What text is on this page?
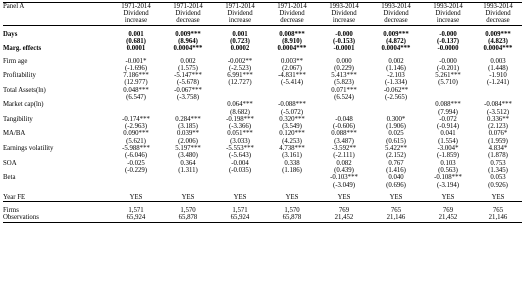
Panel A	1971-2014	1971-2014	1971-2014	1971-2014	1993-2014	1993-2014	1993-2014	1993-2014
	Dividend	Dividend	Dividend	Dividend	Dividend	Dividend	Dividend	Dividend
	increase	decrease	increase	decrease	increase	decrease	increase	decrease

Days	0.001	0.009***	0.001	0.008***	-0.000	0.009***	-0.000	0.009***
	(0.681)	(8.964)	(0.723)	(8.910)	(-0.153)	(4.872)	(-0.137)	(4.823)
Marg. effects	0.0001	0.0004***	0.0002	0.0004***	-0.0001	0.0004***	-0.0000	0.0004***

Firm age	-0.001*	0.002	-0.002**	0.003**	0.000	0.002	-0.000	0.003
	(-1.696)	(1.575)	(-2.523)	(2.067)	(0.229)	(1.146)	(-0.201)	(1.448)
Profitability	7.186***	-5.147***	6.991***	-4.831***	5.413***	-2.103	5.261***	-1.910
	(12.977)	(-5.678)	(12.727)	(-5.414)	(5.823)	(-1.334)	(5.710)	(-1.241)
Total Assets(ln)	0.048***	-0.067***			0.071***	-0.062**		
	(6.547)	(-3.758)			(6.524)	(-2.565)		
Market cap(ln)			0.064***	-0.088***			0.088***	-0.084***
			(8.682)	(-5.072)			(7.994)	(-3.512)
Tangibility	-0.174***	0.284***	-0.198***	0.320***	-0.048	0.300*	-0.072	0.336**
	(-2.963)	(3.185)	(-3.366)	(3.549)	(-0.606)	(1.906)	(-0.914)	(2.123)
MA/BA	0.090***	0.039**	0.051***	0.120***	0.088***	0.025	0.041	0.076*
	(5.621)	(2.006)	(3.033)	(4.253)	(3.487)	(0.615)	(1.554)	(1.959)
Earnings volatility	-5.988***	5.197***	-5.553***	4.738***	-3.592**	5.422**	-3.004*	4.834*
	(-6.046)	(3.480)	(-5.643)	(3.161)	(-2.111)	(2.152)	(-1.859)	(1.878)
SOA	-0.025	0.364	-0.004	0.338	0.082	0.767	0.103	0.753
	(-0.229)	(1.311)	(-0.035)	(1.186)	(0.439)	(1.416)	(0.563)	(1.345)
Beta					-0.103***	0.040	-0.108***	0.053
					(-3.049)	(0.696)	(-3.194)	(0.926)

Year FE	YES	YES	YES	YES	YES	YES	YES	YES

Firms	1,571	1,570	1,571	1,570	769	765	769	765
Observations	65,924	65,878	65,924	65,878	21,452	21,146	21,452	21,146
